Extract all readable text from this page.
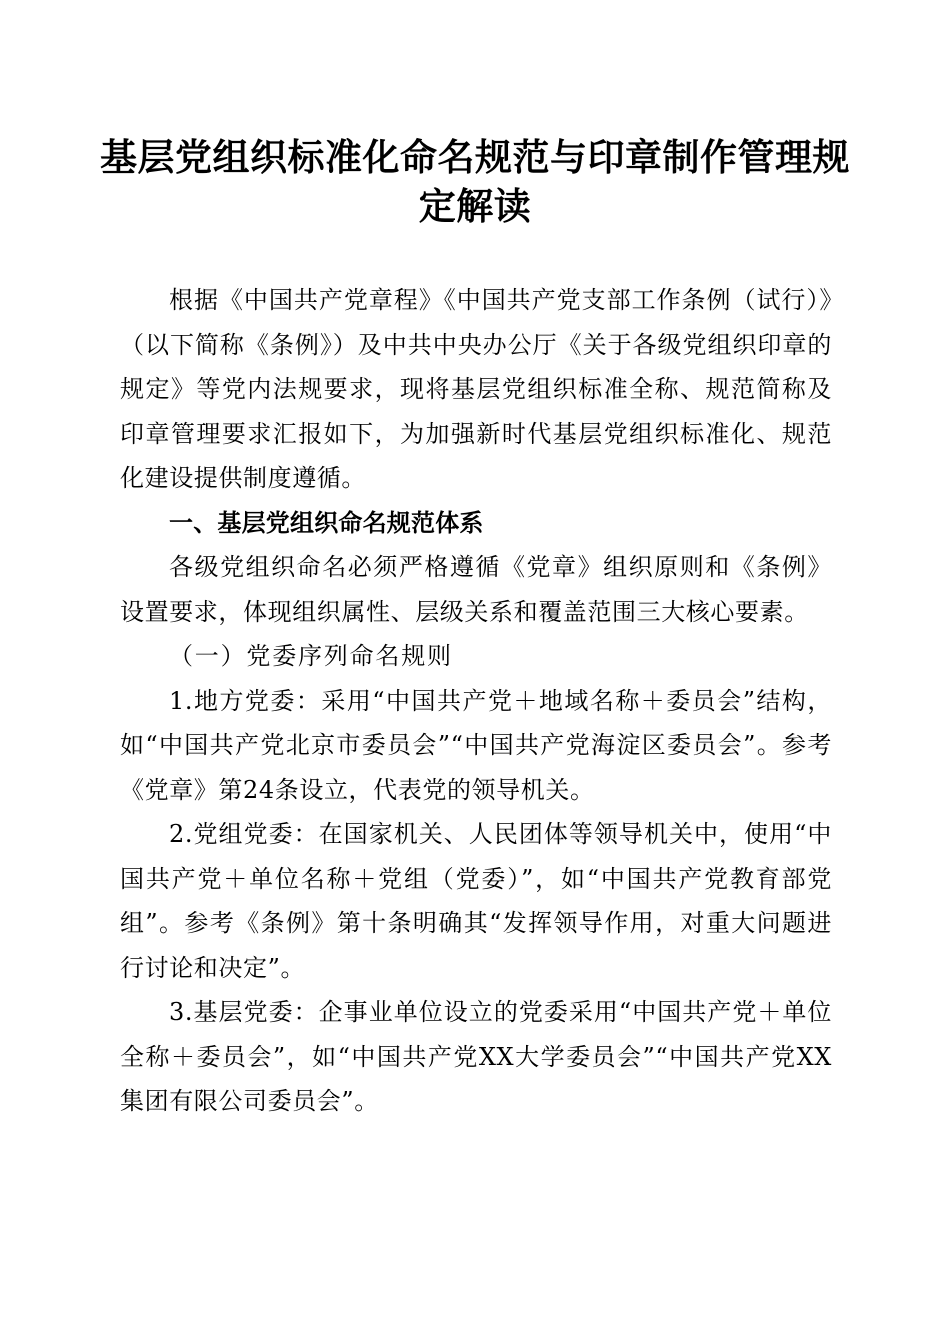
基层党组织标准化命名规范与印章制作管理规定解读

根据《中国共产党章程》《中国共产党支部工作条例（试行）》（以下简称《条例》）及中共中央办公厅《关于各级党组织印章的规定》等党内法规要求，现将基层党组织标准全称、规范简称及印章管理要求汇报如下，为加强新时代基层党组织标准化、规范化建设提供制度遵循。

一、基层党组织命名规范体系

各级党组织命名必须严格遵循《党章》组织原则和《条例》设置要求，体现组织属性、层级关系和覆盖范围三大核心要素。

（一）党委序列命名规则

1.地方党委：采用“中国共产党＋地域名称＋委员会”结构，如“中国共产党北京市委员会”“中国共产党海淀区委员会”。参考《党章》第24条设立，代表党的领导机关。

2.党组党委：在国家机关、人民团体等领导机关中，使用“中国共产党＋单位名称＋党组（党委）”，如“中国共产党教育部党组”。参考《条例》第十条明确其“发挥领导作用，对重大问题进行讨论和决定”。

3.基层党委：企事业单位设立的党委采用“中国共产党＋单位全称＋委员会”，如“中国共产党XX大学委员会”“中国共产党XX集团有限公司委员会”。
